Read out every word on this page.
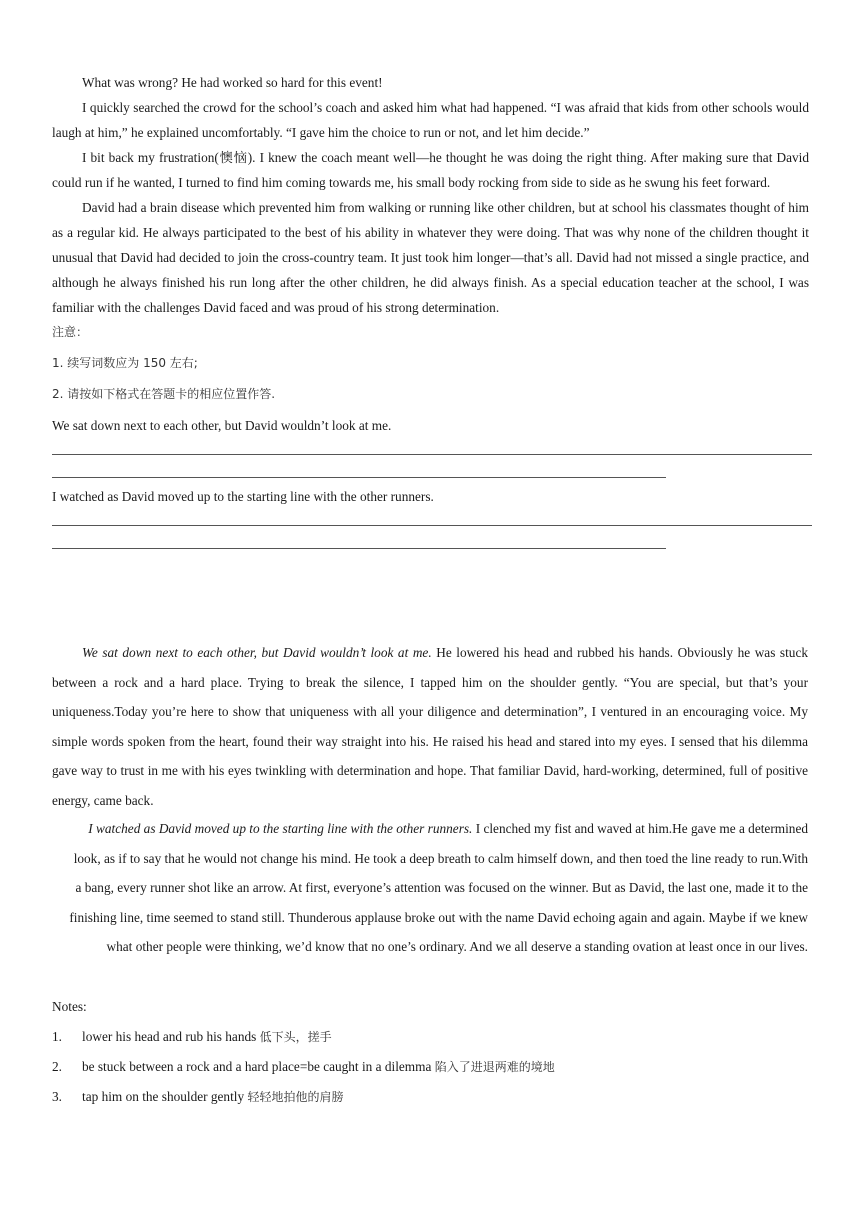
What was wrong? He had worked so hard for this event!

I quickly searched the crowd for the school’s coach and asked him what had happened. “I was afraid that kids from other schools would laugh at him,” he explained uncomfortably. “I gave him the choice to run or not, and let him decide.”

I bit back my frustration(懊恼). I knew the coach meant well—he thought he was doing the right thing. After making sure that David could run if he wanted, I turned to find him coming towards me, his small body rocking from side to side as he swung his feet forward.

David had a brain disease which prevented him from walking or running like other children, but at school his classmates thought of him as a regular kid. He always participated to the best of his ability in whatever they were doing. That was why none of the children thought it unusual that David had decided to join the cross-country team. It just took him longer—that’s all. David had not missed a single practice, and although he always finished his run long after the other children, he did always finish. As a special education teacher at the school, I was familiar with the challenges David faced and was proud of his strong determination.

注意：

1. 续写词数应为 150 左右;

2. 请按如下格式在答题卡的相应位置作答.

We sat down next to each other, but David wouldn’t look at me.

I watched as David moved up to the starting line with the other runners.

We sat down next to each other, but David wouldn’t look at me. He lowered his head and rubbed his hands. Obviously he was stuck between a rock and a hard place. Trying to break the silence, I tapped him on the shoulder gently. “You are special, but that’s your uniqueness.Today you’re here to show that uniqueness with all your diligence and determination”, I ventured in an encouraging voice. My simple words spoken from the heart, found their way straight into his. He raised his head and stared into my eyes. I sensed that his dilemma gave way to trust in me with his eyes twinkling with determination and hope. That familiar David, hard-working, determined, full of positive energy, came back.

I watched as David moved up to the starting line with the other runners. I clenched my fist and waved at him.He gave me a determined look, as if to say that he would not change his mind. He took a deep breath to calm himself down, and then toed the line ready to run.With a bang, every runner shot like an arrow. At first, everyone’s attention was focused on the winner. But as David, the last one, made it to the finishing line, time seemed to stand still. Thunderous applause broke out with the name David echoing again and again. Maybe if we knew what other people were thinking, we’d know that no one’s ordinary. And we all deserve a standing ovation at least once in our lives.

Notes:

1.	lower his head and rub his hands 低下头，搓手
2.	be stuck between a rock and a hard place=be caught in a dilemma 陷入了进退两难的境地
3.	tap him on the shoulder gently 轻轻地拍他的肩膀
